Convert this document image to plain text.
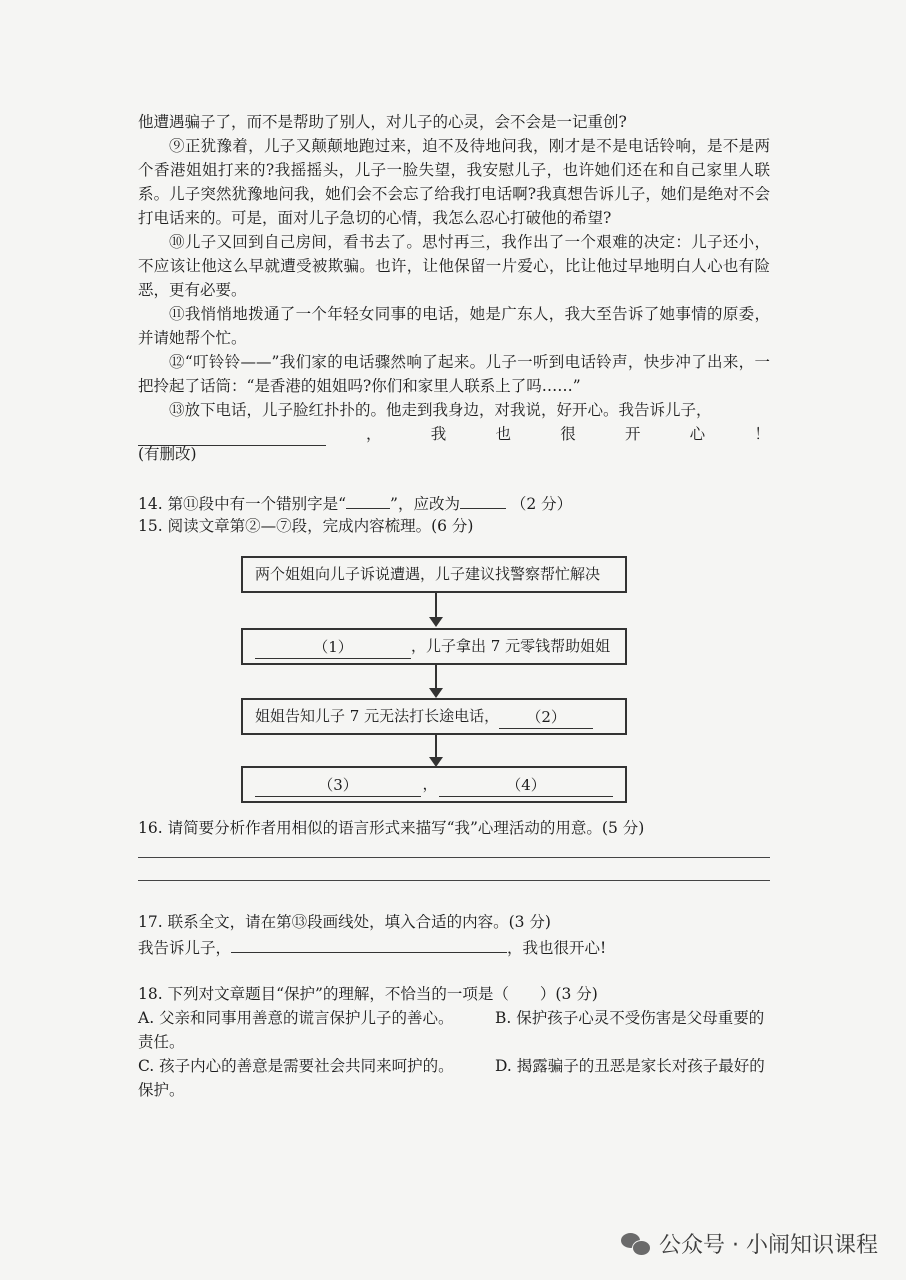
他遭遇骗子了，而不是帮助了别人，对儿子的心灵，会不会是一记重创?

⑨正犹豫着，儿子又颠颠地跑过来，迫不及待地问我，刚才是不是电话铃响，是不是两个香港姐姐打来的?我摇摇头，儿子一脸失望，我安慰儿子，也许她们还在和自己家里人联系。儿子突然犹豫地问我，她们会不会忘了给我打电话啊?我真想告诉儿子，她们是绝对不会打电话来的。可是，面对儿子急切的心情，我怎么忍心打破他的希望?

⑩儿子又回到自己房间，看书去了。思忖再三，我作出了一个艰难的决定：儿子还小，不应该让他这么早就遭受被欺骗。也许，让他保留一片爱心，比让他过早地明白人心也有险恶，更有必要。

⑪我悄悄地拨通了一个年轻女同事的电话，她是广东人，我大至告诉了她事情的原委，并请她帮个忙。

⑫“叮铃铃——”我们家的电话骤然响了起来。儿子一听到电话铃声，快步冲了出来，一把拎起了话筒：“是香港的姐姐吗?你们和家里人联系上了吗……”

⑬放下电话，儿子脸红扑扑的。他走到我身边，对我说，好开心。我告诉儿子，

，	我	也	很	开	心	！
(有删改)
14. 第⑪段中有一个错别字是“	”，应改为	（2 分）
15. 阅读文章第②—⑦段，完成内容梳理。(6 分)
两个姐姐向儿子诉说遭遇，儿子建议找警察帮忙解决
（1）	，儿子拿出 7 元零钱帮助姐姐
姐姐告知儿子 7 元无法打长途电话， （2）
（3）	，	（4）
16. 请简要分析作者用相似的语言形式来描写“我”心理活动的用意。(5 分)
17. 联系全文，请在第⑬段画线处，填入合适的内容。(3 分)
我告诉儿子，	，我也很开心!
18. 下列对文章题目“保护”的理解，不恰当的一项是（　　）(3 分)
A. 父亲和同事用善意的谎言保护儿子的善心。	B. 保护孩子心灵不受伤害是父母重要的
责任。
C. 孩子内心的善意是需要社会共同来呵护的。	D. 揭露骗子的丑恶是家长对孩子最好的
保护。
公众号 · 小闹知识课程
